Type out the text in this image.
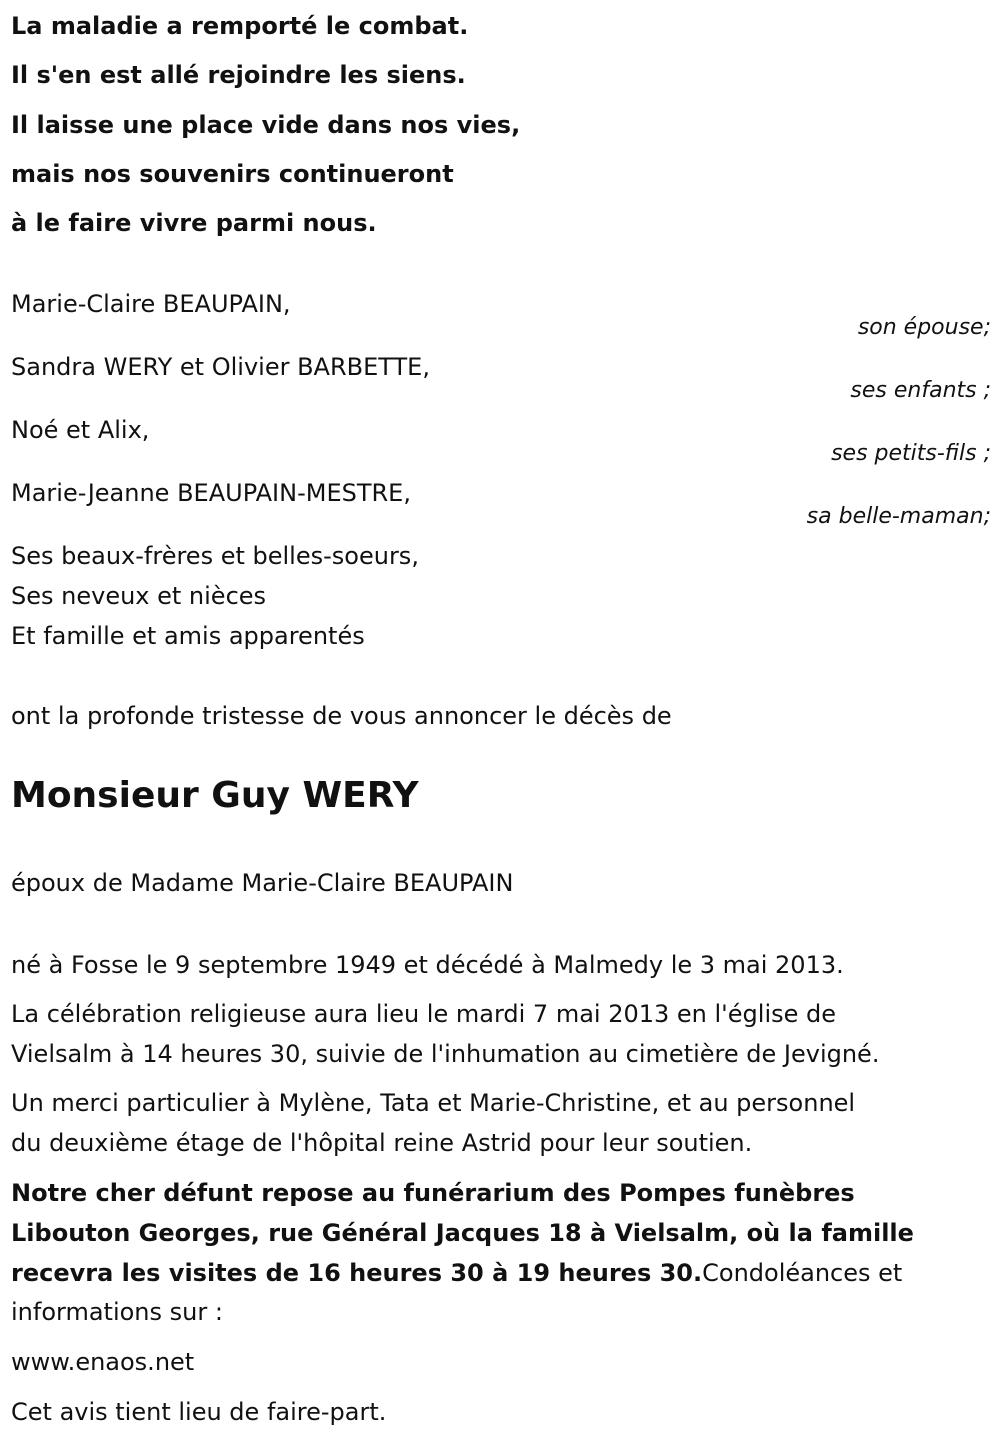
La maladie a remporté le combat.
Il s'en est allé rejoindre les siens.
Il laisse une place vide dans nos vies,
mais nos souvenirs continueront
à le faire vivre parmi nous.
Marie-Claire BEAUPAIN,
son épouse;
Sandra WERY et Olivier BARBETTE,
ses enfants ;
Noé et Alix,
ses petits-fils ;
Marie-Jeanne BEAUPAIN-MESTRE,
sa belle-maman;
Ses beaux-frères et belles-soeurs,
Ses neveux et nièces
Et famille et amis apparentés
ont la profonde tristesse de vous annoncer le décès de
Monsieur Guy WERY
époux de Madame Marie-Claire BEAUPAIN
né à Fosse le 9 septembre 1949 et décédé à Malmedy le 3 mai 2013.
La célébration religieuse aura lieu le mardi 7 mai 2013 en l'église de
Vielsalm à 14 heures 30, suivie de l'inhumation au cimetière de Jevigné.
Un merci particulier à Mylène, Tata et Marie-Christine, et au personnel
du deuxième étage de l'hôpital reine Astrid pour leur soutien.
Notre cher défunt repose au funérarium des Pompes funèbres
Libouton Georges, rue Général Jacques 18 à Vielsalm, où la famille
recevra les visites de 16 heures 30 à 19 heures 30.Condoléances et
informations sur :
www.enaos.net
Cet avis tient lieu de faire-part.
